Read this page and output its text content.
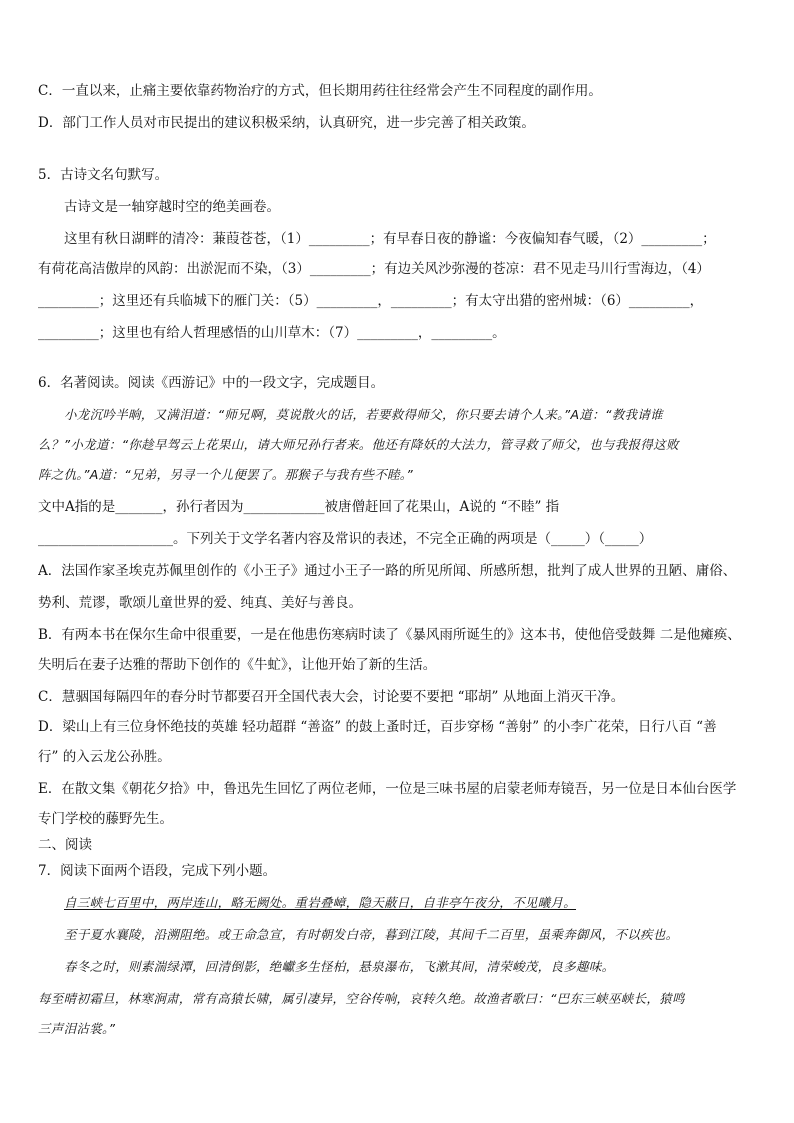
C．一直以来，止痛主要依靠药物治疗的方式，但长期用药往往经常会产生不同程度的副作用。
D．部门工作人员对市民提出的建议积极采纳，认真研究，进一步完善了相关政策。
5．古诗文名句默写。
古诗文是一轴穿越时空的绝美画卷。
这里有秋日湖畔的清冷：蒹葭苍苍，（1）_________；有早春日夜的静谧：今夜偏知春气暖，（2）_________；
有荷花高洁傲岸的风韵：出淤泥而不染，（3）_________；有边关风沙弥漫的苍凉：君不见走马川行雪海边，（4）
_________；这里还有兵临城下的雁门关：（5）_________，_________；有太守出猎的密州城：（6）_________，
_________；这里也有给人哲理感悟的山川草木：（7）_________，_________。
6．名著阅读。阅读《西游记》中的一段文字，完成题目。
小龙沉吟半晌，又满泪道：“师兄啊，莫说散火的话，若要救得师父，你只要去请个人来。”A道：“教我请谁
么？”小龙道：“你趁早驾云上花果山，请大师兄孙行者来。他还有降妖的大法力，管寻救了师父，也与我报得这败
阵之仇。”A道：“兄弟，另寻一个儿便罢了。那猴子与我有些不睦。”
文中A指的是_______，孙行者因为____________被唐僧赶回了花果山，A说的 “不睦” 指
____________________。下列关于文学名著内容及常识的表述，不完全正确的两项是（_____）（_____）
A．法国作家圣埃克苏佩里创作的《小王子》通过小王子一路的所见所闻、所感所想，批判了成人世界的丑陋、庸俗、
势利、荒谬，歌颂儿童世界的爱、纯真、美好与善良。
B．有两本书在保尔生命中很重要，一是在他患伤寒病时读了《暴风雨所诞生的》这本书，使他倍受鼓舞 二是他瘫痪、
失明后在妻子达雅的帮助下创作的《牛虻》，让他开始了新的生活。
C．慧骃国每隔四年的春分时节都要召开全国代表大会，讨论要不要把 “耶胡” 从地面上消灭干净。
D．梁山上有三位身怀绝技的英雄 轻功超群 “善盗” 的鼓上蚤时迁，百步穿杨 “善射” 的小李广花荣，日行八百 “善
行” 的入云龙公孙胜。
E．在散文集《朝花夕拾》中，鲁迅先生回忆了两位老师，一位是三味书屋的启蒙老师寿镜吾，另一位是日本仙台医学
专门学校的藤野先生。
二、阅读
7．阅读下面两个语段，完成下列小题。
自三峡七百里中，两岸连山，略无阙处。重岩叠嶂，隐天蔽日，自非亭午夜分，不见曦月。
至于夏水襄陵，沿溯阻绝。或王命急宣，有时朝发白帝，暮到江陵，其间千二百里，虽乘奔御风，不以疾也。
春冬之时，则素湍绿潭，回清倒影，绝巘多生怪柏，悬泉瀑布，飞漱其间，清荣峻茂，良多趣味。
每至晴初霜旦，林寒涧肃，常有高猿长啸，属引凄异，空谷传响，哀转久绝。故渔者歌曰：“巴东三峡巫峡长，猿鸣
三声泪沾裳。”
